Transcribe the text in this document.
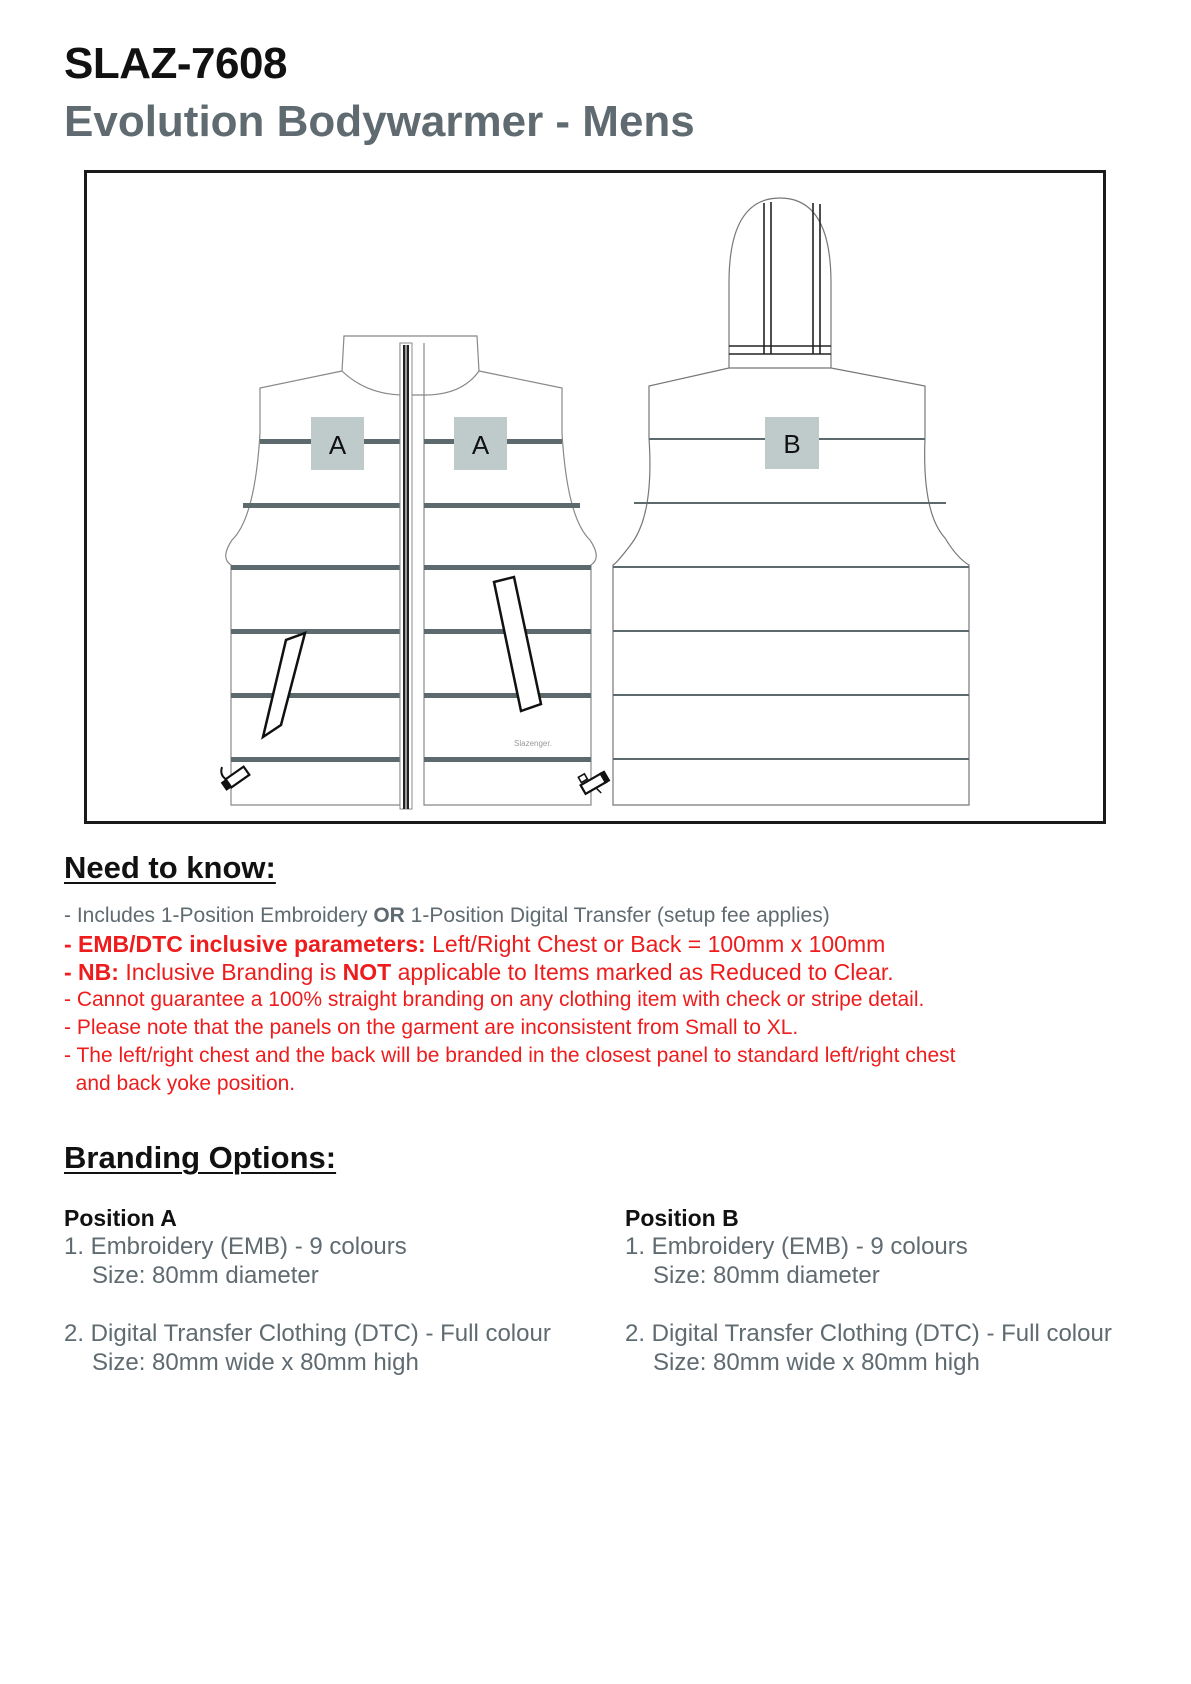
SLAZ-7608
Evolution Bodywarmer - Mens
A	A
Slazenger.
B
Need to know:
- Includes 1-Position Embroidery OR 1-Position Digital Transfer (setup fee applies)
- EMB/DTC inclusive parameters: Left/Right Chest or Back = 100mm x 100mm
- NB: Inclusive Branding is NOT applicable to Items marked as Reduced to Clear.
- Cannot guarantee a 100% straight branding on any clothing item with check or stripe detail.
- Please note that the panels on the garment are inconsistent from Small to XL.
- The left/right chest and the back will be branded in the closest panel to standard left/right chest
and back yoke position.
Branding Options:

Position A

1. Embroidery (EMB) - 9 colours
Size: 80mm diameter

2. Digital Transfer Clothing (DTC) - Full colour
Size: 80mm wide x 80mm high

Position B

1. Embroidery (EMB) - 9 colours
Size: 80mm diameter

2. Digital Transfer Clothing (DTC) - Full colour
Size: 80mm wide x 80mm high
